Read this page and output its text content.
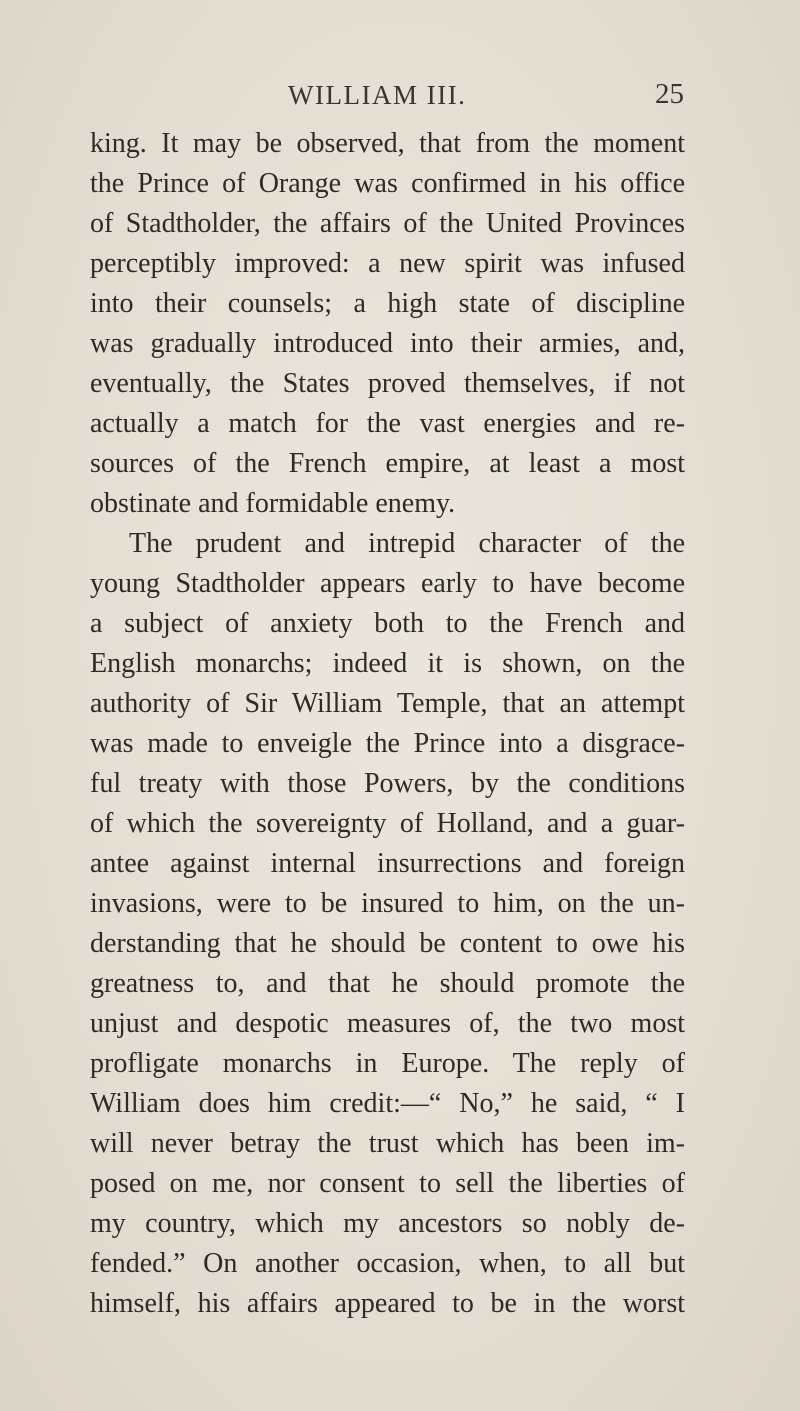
WILLIAM III.	25
king. It may be observed, that from the moment
the Prince of Orange was confirmed in his office
of Stadtholder, the affairs of the United Provinces
perceptibly improved: a new spirit was infused
into their counsels; a high state of discipline
was gradually introduced into their armies, and,
eventually, the States proved themselves, if not
actually a match for the vast energies and re-
sources of the French empire, at least a most
obstinate and formidable enemy.
The prudent and intrepid character of the
young Stadtholder appears early to have become
a subject of anxiety both to the French and
English monarchs; indeed it is shown, on the
authority of Sir William Temple, that an attempt
was made to enveigle the Prince into a disgrace-
ful treaty with those Powers, by the conditions
of which the sovereignty of Holland, and a guar-
antee against internal insurrections and foreign
invasions, were to be insured to him, on the un-
derstanding that he should be content to owe his
greatness to, and that he should promote the
unjust and despotic measures of, the two most
profligate monarchs in Europe. The reply of
William does him credit:—“ No,” he said, “ I
will never betray the trust which has been im-
posed on me, nor consent to sell the liberties of
my country, which my ancestors so nobly de-
fended.” On another occasion, when, to all but
himself, his affairs appeared to be in the worst
